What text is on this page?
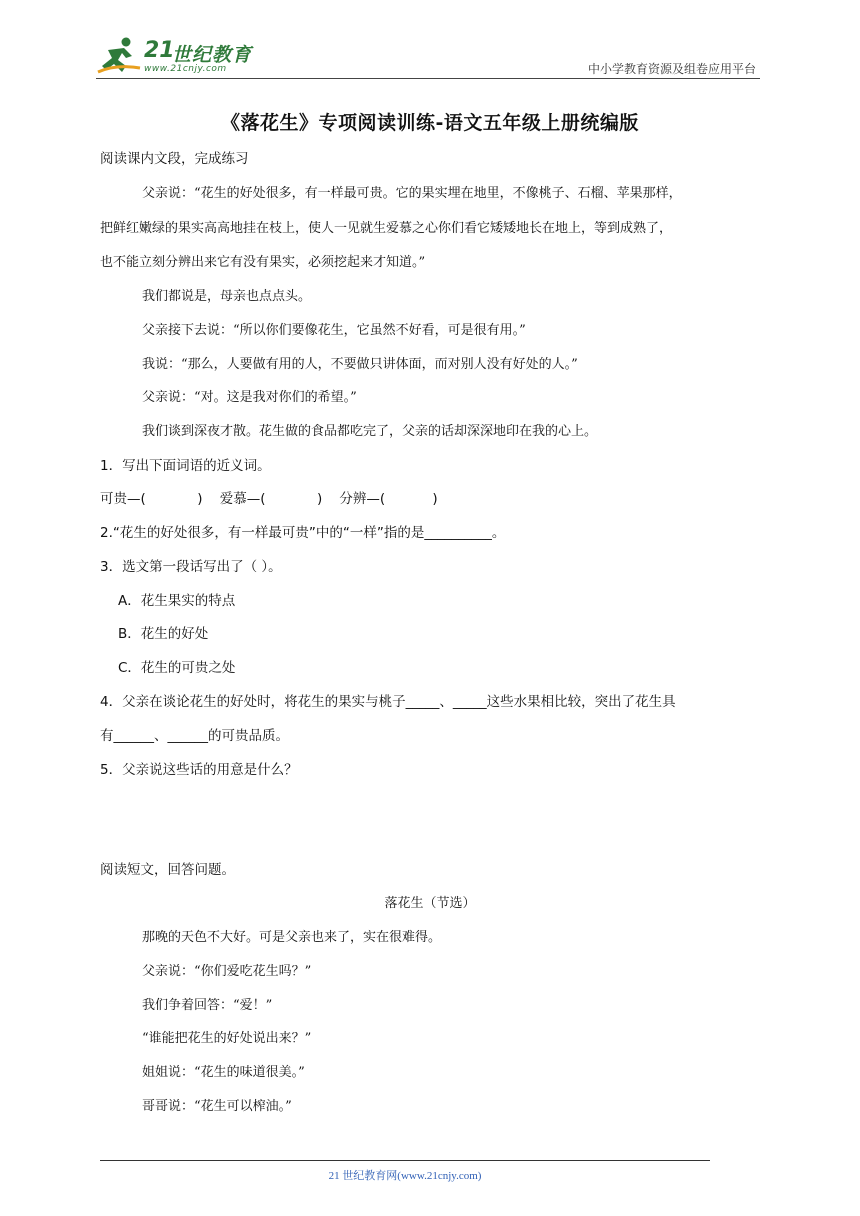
21
世纪教育
www.21cnjy.com	中小学教育资源及组卷应用平台
《落花生》专项阅读训练-语文五年级上册统编版
阅读课内文段，完成练习
父亲说：“花生的好处很多，有一样最可贵。它的果实埋在地里，不像桃子、石榴、苹果那样，
把鲜红嫩绿的果实高高地挂在枝上，使人一见就生爱慕之心你们看它矮矮地长在地上，等到成熟了，
也不能立刻分辨出来它有没有果实，必须挖起来才知道。”
我们都说是，母亲也点点头。
父亲接下去说：“所以你们要像花生，它虽然不好看，可是很有用。”
我说：“那么，人要做有用的人，不要做只讲体面，而对别人没有好处的人。”
父亲说：“对。这是我对你们的希望。”
我们谈到深夜才散。花生做的食品都吃完了，父亲的话却深深地印在我的心上。
1．写出下面词语的近义词。
可贵—(            )    爱慕—(            )    分辨—(           )
2.“花生的好处很多，有一样最可贵”中的“一样”指的是__________。
3．选文第一段话写出了（ ）。
A．花生果实的特点
B．花生的好处
C．花生的可贵之处
4．父亲在谈论花生的好处时，将花生的果实与桃子_____、_____这些水果相比较，突出了花生具
有______、______的可贵品质。
5．父亲说这些话的用意是什么？
阅读短文，回答问题。
落花生（节选）
那晚的天色不大好。可是父亲也来了，实在很难得。
父亲说：“你们爱吃花生吗？”
我们争着回答：“爱！”
“谁能把花生的好处说出来？”
姐姐说：“花生的味道很美。”
哥哥说：“花生可以榨油。”
21 世纪教育网(www.21cnjy.com)
